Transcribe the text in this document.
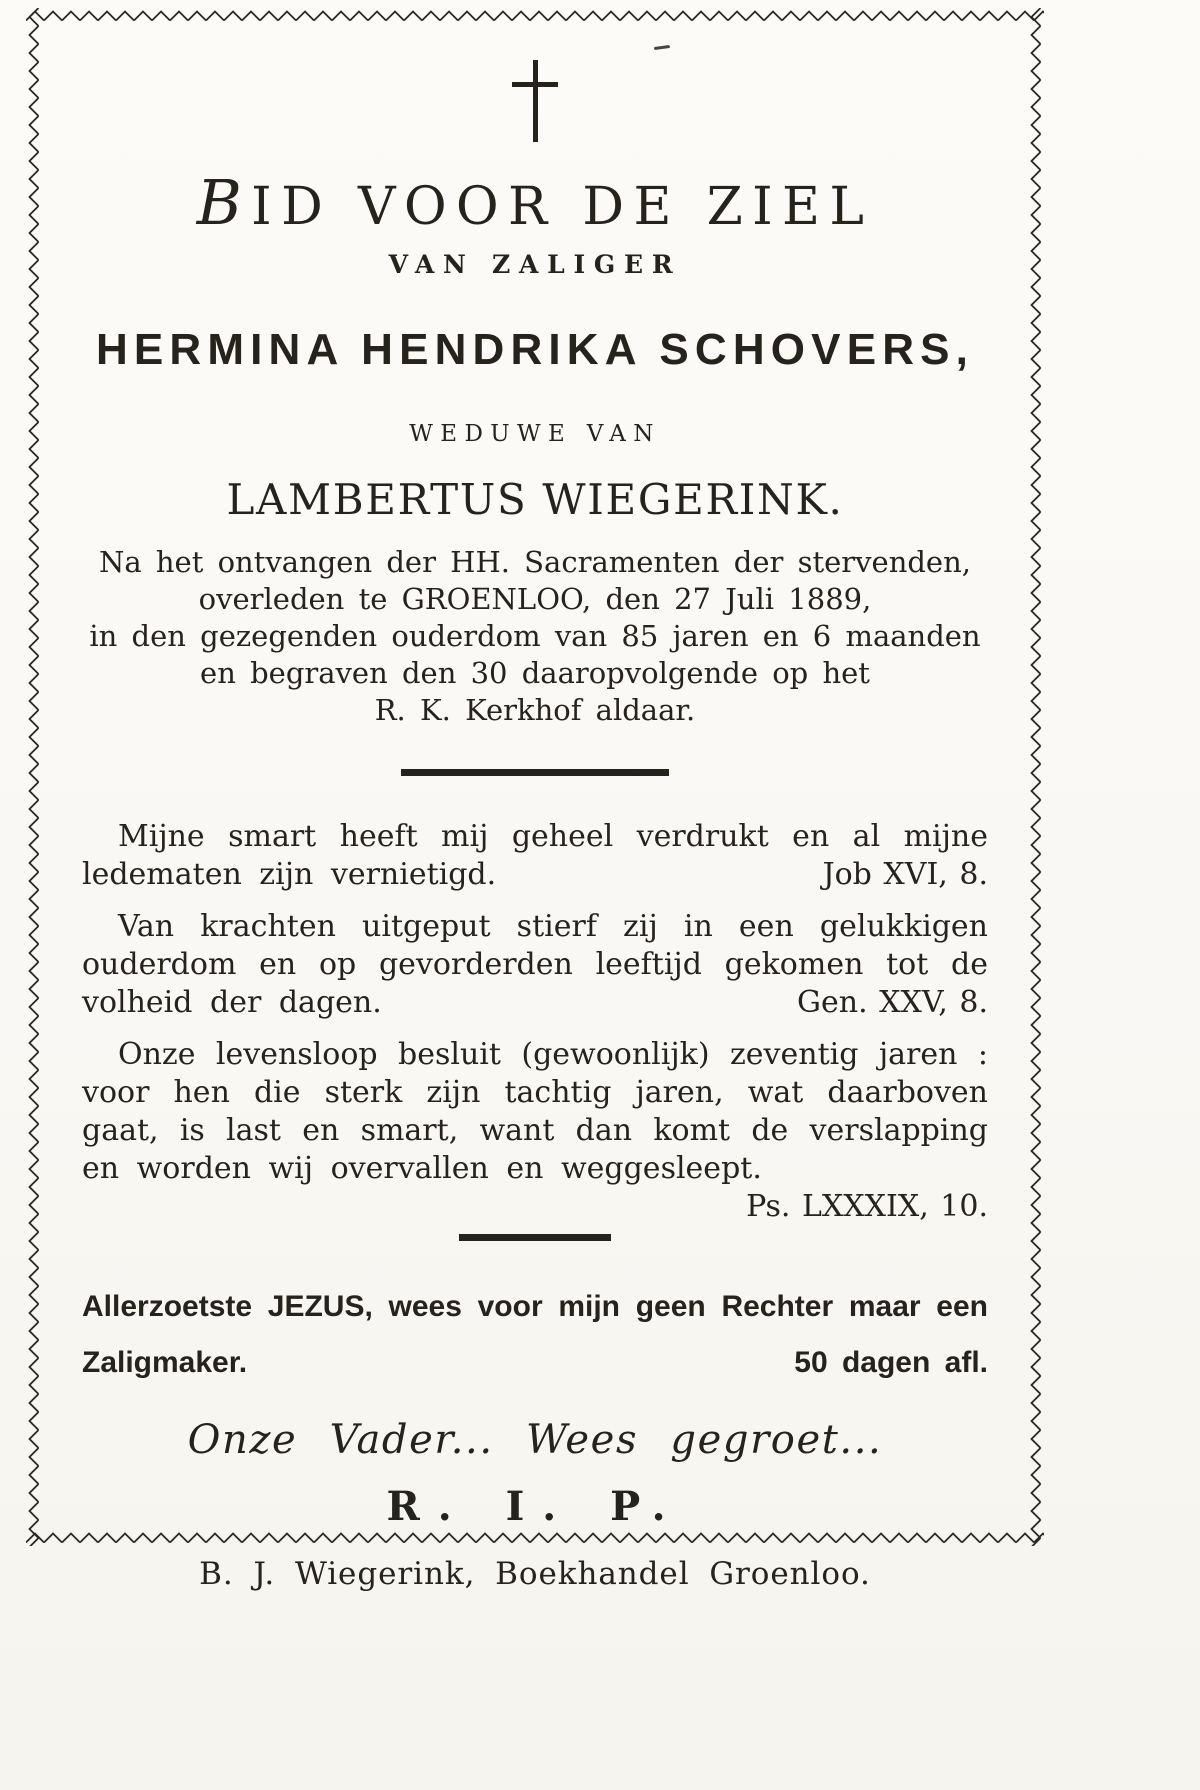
BID VOOR DE ZIEL
VAN ZALIGER
HERMINA HENDRIKA SCHOVERS,
WEDUWE VAN
LAMBERTUS WIEGERINK.
Na het ontvangen der HH. Sacramenten der stervenden,
overleden te GROENLOO, den 27 Juli 1889,
in den gezegenden ouderdom van 85 jaren en 6 maanden
en begraven den 30 daaropvolgende op het
R. K. Kerkhof aldaar.

Mijne smart heeft mij geheel verdrukt en al mijne ledematen zijn vernietigd.	Job XVI, 8.

Van krachten uitgeput stierf zij in een gelukkigen ouderdom en op gevorderden leeftijd gekomen tot de volheid der dagen.	Gen. XXV, 8.

Onze levensloop besluit (gewoonlijk) zeventig jaren : voor hen die sterk zijn tachtig jaren, wat daarboven gaat, is last en smart, want dan komt de verslapping en worden wij overvallen en weggesleept.
Ps. LXXXIX, 10.

Allerzoetste JEZUS, wees voor mijn geen Rechter maar een Zaligmaker.	50 dagen afl.

Onze Vader... Wees gegroet...
R. I. P.
B. J. Wiegerink, Boekhandel Groenloo.
